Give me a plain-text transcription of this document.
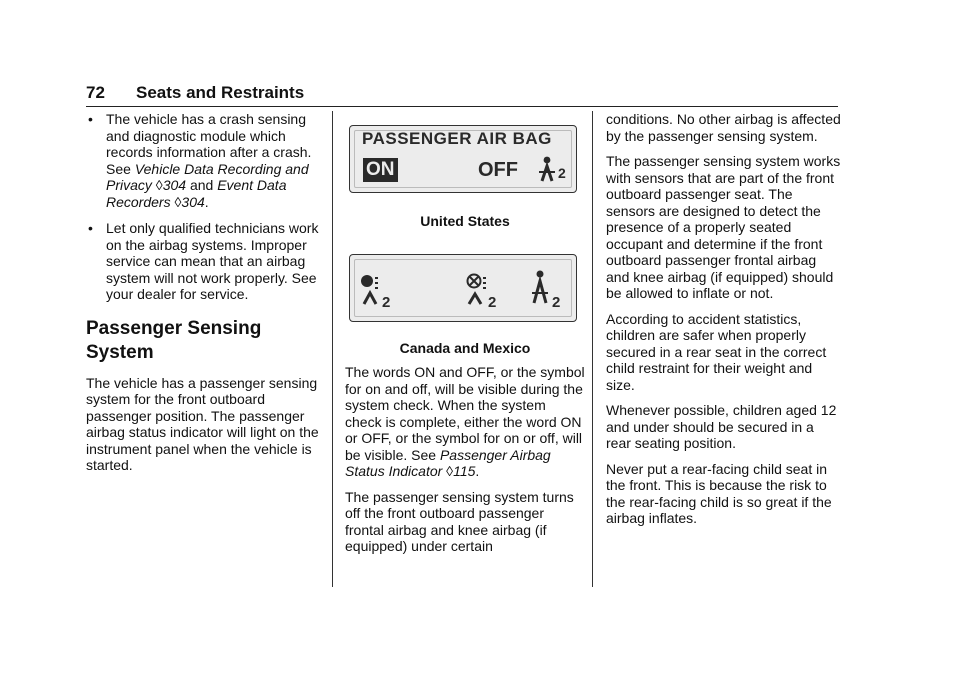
72 Seats and Restraints
• The vehicle has a crash sensing and diagnostic module which records information after a crash.
See Vehicle Data Recording and Privacy ◊304 and Event Data Recorders ◊304.
• Let only qualified technicians work on the airbag systems. Improper service can mean that an airbag system will not work properly. See your dealer for service.
Passenger Sensing System

The vehicle has a passenger sensing system for the front outboard passenger position. The passenger airbag status indicator will light on the instrument panel when the vehicle is started.

PASSENGER AIR BAG
ON	OFF	2
United States
2	2	2
Canada and Mexico

The words ON and OFF, or the symbol for on and off, will be visible during the system check. When the system check is complete, either the word ON or OFF, or the symbol for on or off, will be visible. See Passenger Airbag Status Indicator ◊115.

The passenger sensing system turns off the front outboard passenger frontal airbag and knee airbag (if equipped) under certain

conditions. No other airbag is affected by the passenger sensing system.

The passenger sensing system works with sensors that are part of the front outboard passenger seat. The sensors are designed to detect the presence of a properly seated occupant and determine if the front outboard passenger frontal airbag and knee airbag (if equipped) should be allowed to inflate or not.

According to accident statistics, children are safer when properly secured in a rear seat in the correct child restraint for their weight and size.

Whenever possible, children aged 12 and under should be secured in a rear seating position.

Never put a rear-facing child seat in the front. This is because the risk to the rear-facing child is so great if the airbag inflates.
